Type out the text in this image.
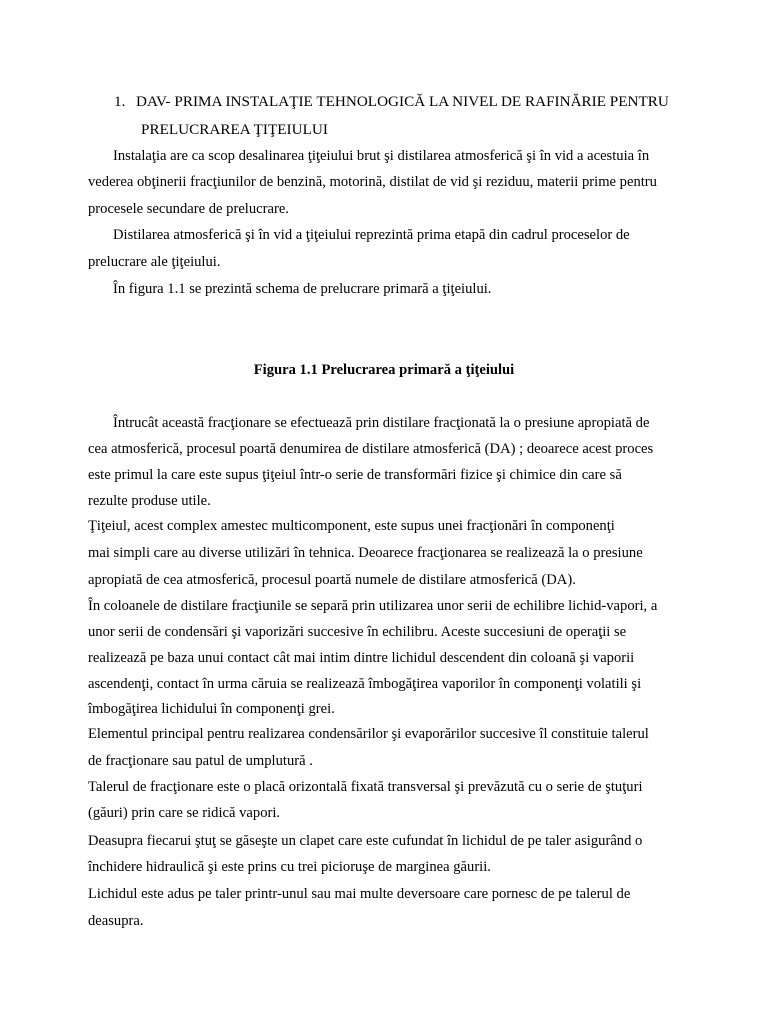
1. DAV- PRIMA INSTALAŢIE TEHNOLOGICĂ LA NIVEL DE RAFINĂRIE PENTRU
PRELUCRAREA ŢIŢEIULUI
Instalaţia are ca scop desalinarea ţiţeiului brut şi distilarea atmosferică şi în vid a acestuia în
vederea obţinerii fracţiunilor de benzină, motorină, distilat de vid şi reziduu, materii prime pentru
procesele secundare de prelucrare.
Distilarea atmosferică şi în vid a ţiţeiului reprezintă prima etapă din cadrul proceselor de
prelucrare ale ţiţeiului.
În figura 1.1 se prezintă schema de prelucrare primară a ţiţeiului.
Figura 1.1 Prelucrarea primară a ţiţeiului
Întrucât această fracţionare se efectuează prin distilare fracţionată la o presiune apropiată de
cea atmosferică, procesul poartă denumirea de distilare atmosferică (DA) ; deoarece acest proces
este primul la care este supus ţiţeiul într-o serie de transformări fizice şi chimice din care să
rezulte produse utile.
Ţiţeiul, acest complex amestec multicomponent, este supus unei fracţionări în componenţi
mai simpli care au diverse utilizări în tehnica. Deoarece fracţionarea se realizează la o presiune
apropiată de cea atmosferică, procesul poartă numele de distilare atmosferică (DA).
În coloanele de distilare fracţiunile se separă prin utilizarea unor serii de echilibre lichid-vapori, a
unor serii de condensări şi vaporizări succesive în echilibru. Aceste succesiuni de operaţii se
realizează pe baza unui contact cât mai intim dintre lichidul descendent din coloană şi vaporii
ascendenţi, contact în urma căruia se realizează îmbogăţirea vaporilor în componenţi volatili şi
îmbogăţirea lichidului în componenţi grei.
Elementul principal pentru realizarea condensărilor şi evaporărilor succesive îl constituie talerul
de fracţionare sau patul de umplutură .
Talerul de fracţionare este o placă orizontală fixată transversal şi prevăzută cu o serie de ştuţuri
(găuri) prin care se ridică vapori.
Deasupra fiecarui ştuţ se găseşte un clapet care este cufundat în lichidul de pe taler asigurând o
închidere hidraulică şi este prins cu trei picioruşe de marginea găurii.
Lichidul este adus pe taler printr-unul sau mai multe deversoare care pornesc de pe talerul de
deasupra.
